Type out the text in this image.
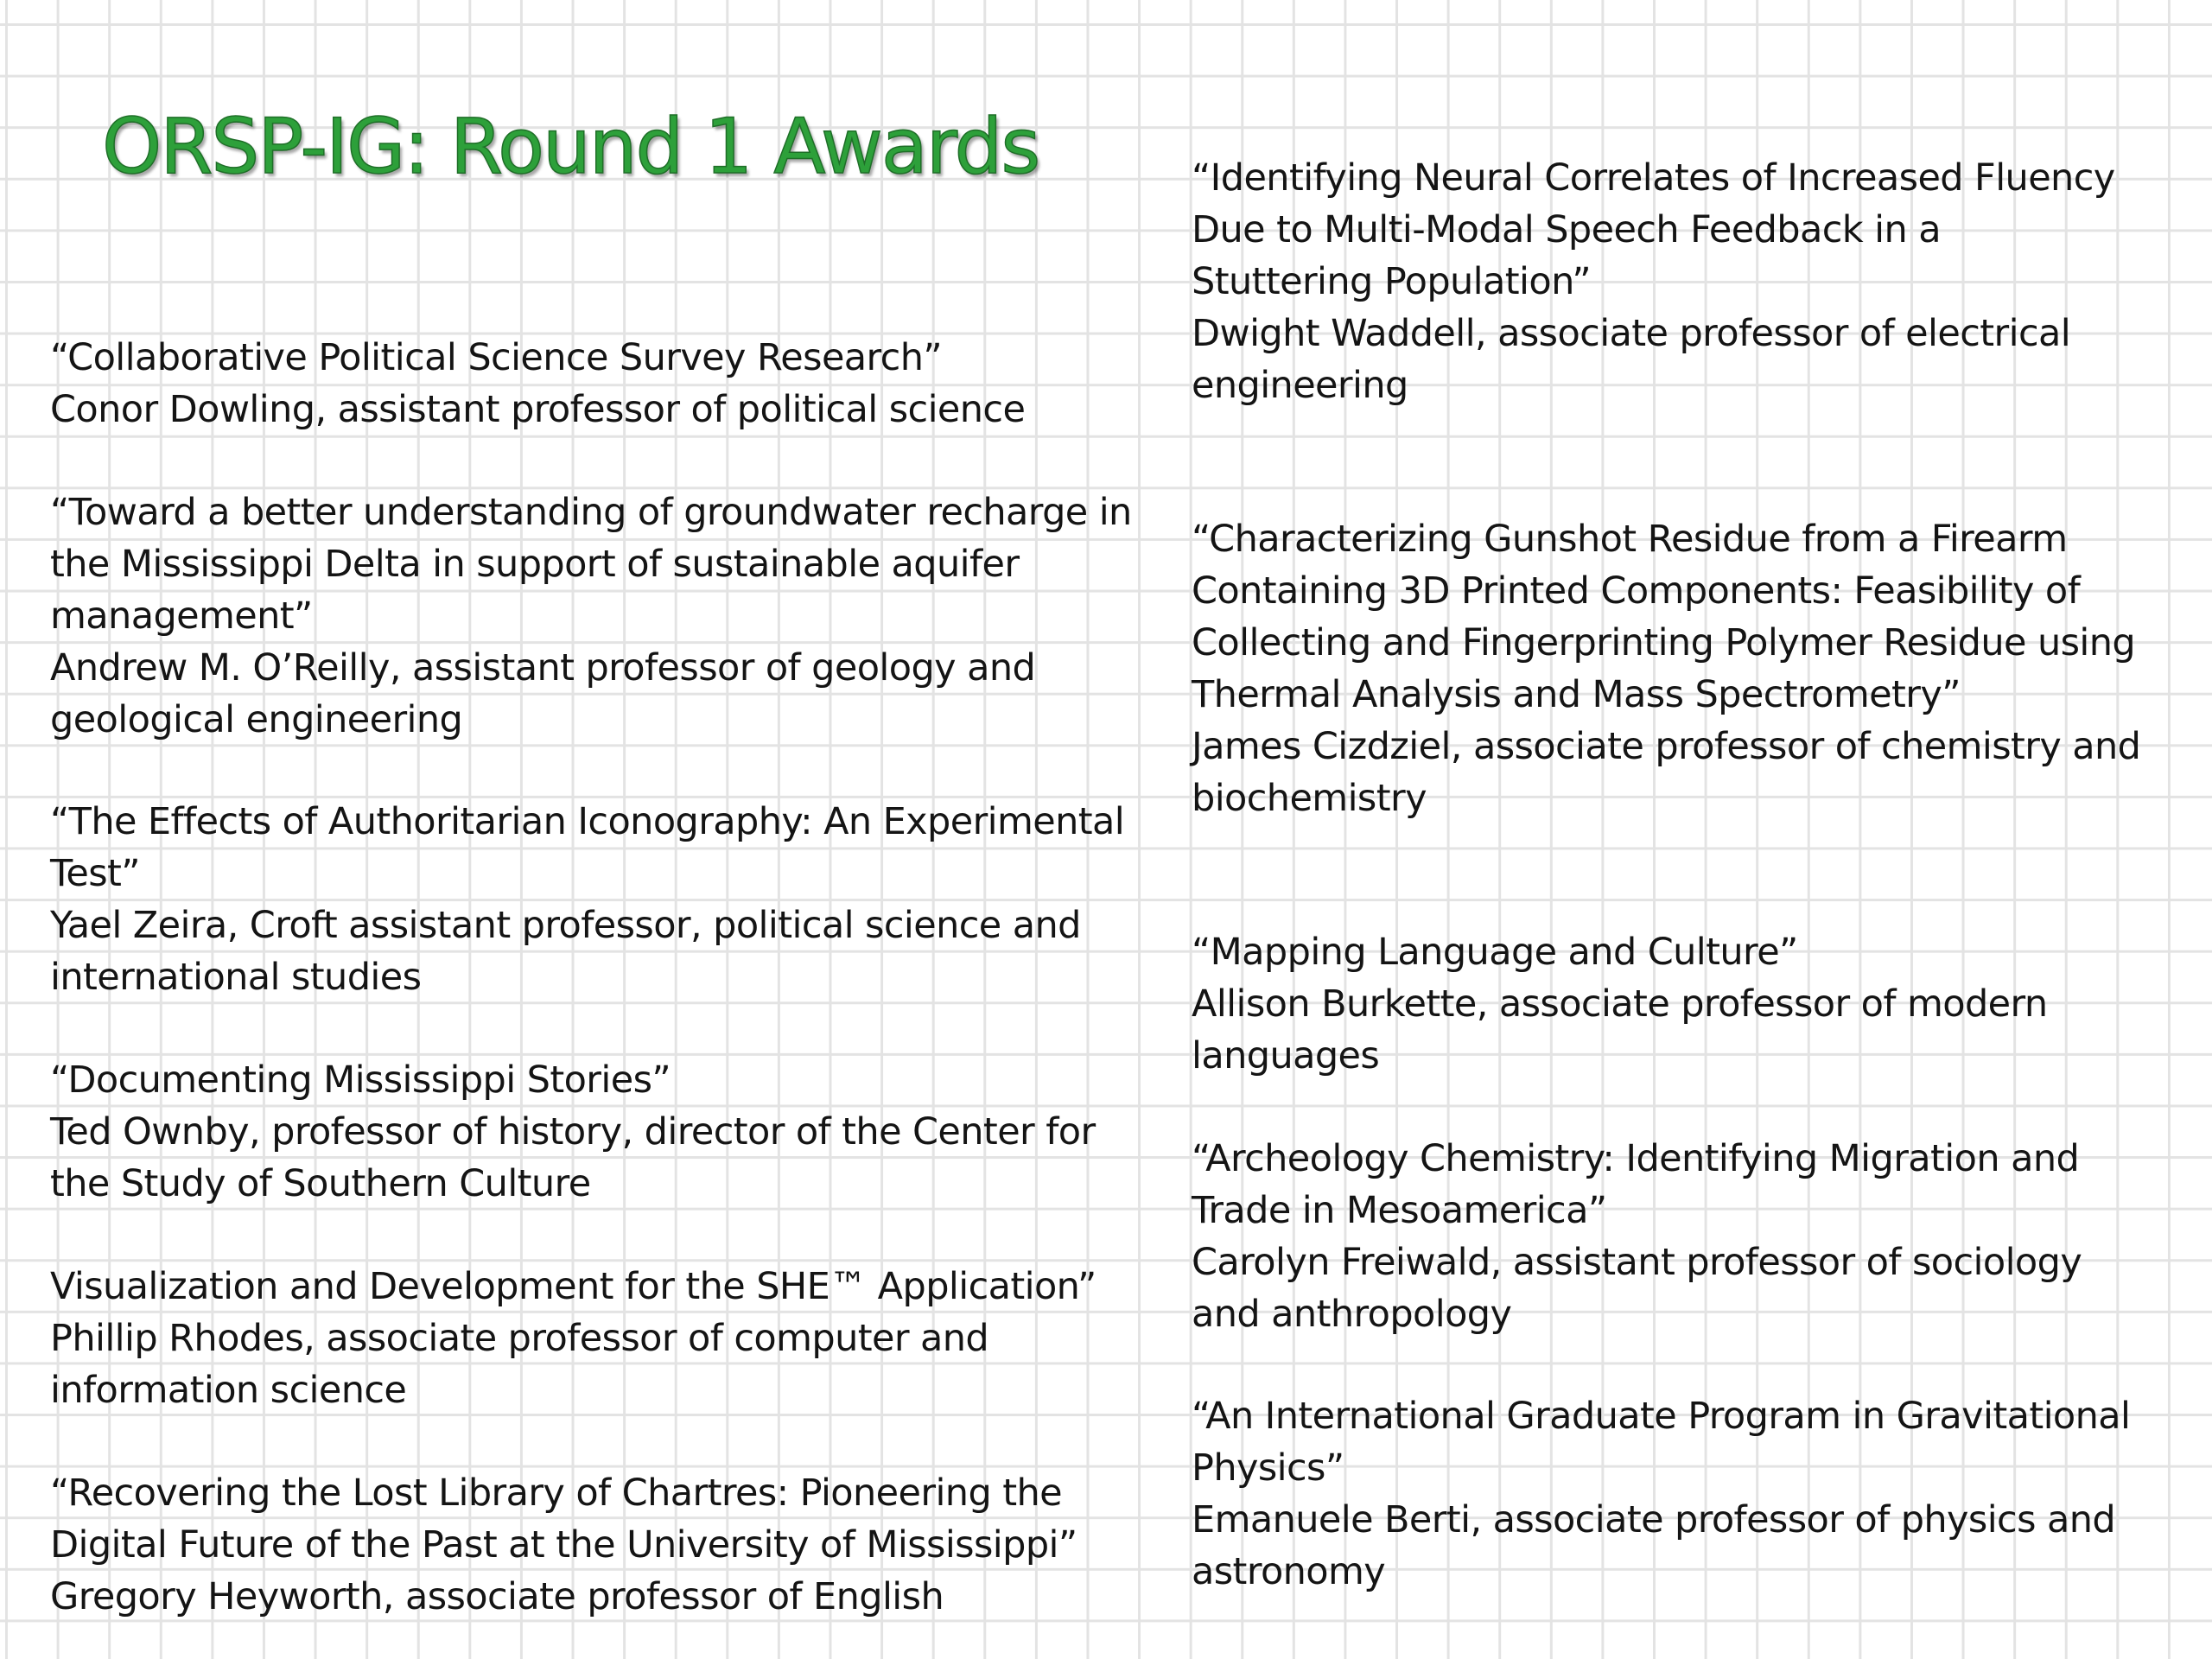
ORSP-IG: Round 1 Awards
“Collaborative Political Science Survey Research”
Conor Dowling, assistant professor of political science
“Toward a better understanding of groundwater recharge in
the Mississippi Delta in support of sustainable aquifer
management”
Andrew M. O’Reilly, assistant professor of geology and
geological engineering
“The Effects of Authoritarian Iconography: An Experimental
Test”
Yael Zeira, Croft assistant professor, political science and
international studies
“Documenting Mississippi Stories”
Ted Ownby, professor of history, director of the Center for
the Study of Southern Culture
Visualization and Development for the SHE™ Application”
Phillip Rhodes, associate professor of computer and
information science
“Recovering the Lost Library of Chartres: Pioneering the
Digital Future of the Past at the University of Mississippi”
Gregory Heyworth, associate professor of English
“Identifying Neural Correlates of Increased Fluency
Due to Multi-Modal Speech Feedback in a
Stuttering Population”
Dwight Waddell, associate professor of electrical
engineering
“Characterizing Gunshot Residue from a Firearm
Containing 3D Printed Components: Feasibility of
Collecting and Fingerprinting Polymer Residue using
Thermal Analysis and Mass Spectrometry”
James Cizdziel, associate professor of chemistry and
biochemistry
“Mapping Language and Culture”
Allison Burkette, associate professor of modern
languages
“Archeology Chemistry: Identifying Migration and
Trade in Mesoamerica”
Carolyn Freiwald, assistant professor of sociology
and anthropology
“An International Graduate Program in Gravitational
Physics”
Emanuele Berti, associate professor of physics and
astronomy
